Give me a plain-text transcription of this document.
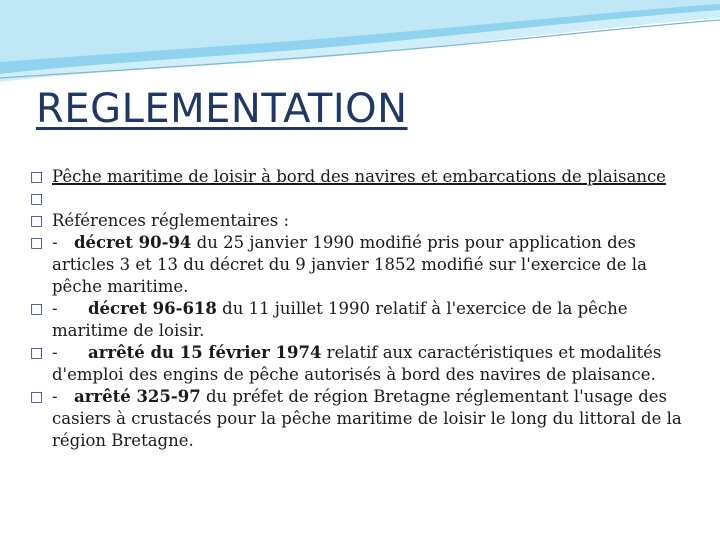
REGLEMENTATION
□ Pêche maritime de loisir à bord des navires et embarcations de plaisance
□
□ Références réglementaires :
□ - décret 90-94 du 25 janvier 1990 modifié pris pour application des articles 3 et 13 du décret du 9 janvier 1852 modifié sur l'exercice de la pêche maritime.
□ - décret 96-618 du 11 juillet 1990 relatif à l'exercice de la pêche maritime de loisir.
□ - arrêté du 15 février 1974 relatif aux caractéristiques et modalités d'emploi des engins de pêche autorisés à bord des navires de plaisance.
□ - arrêté 325-97 du préfet de région Bretagne réglementant l'usage des casiers à crustacés pour la pêche maritime de loisir le long du littoral de la région Bretagne.
